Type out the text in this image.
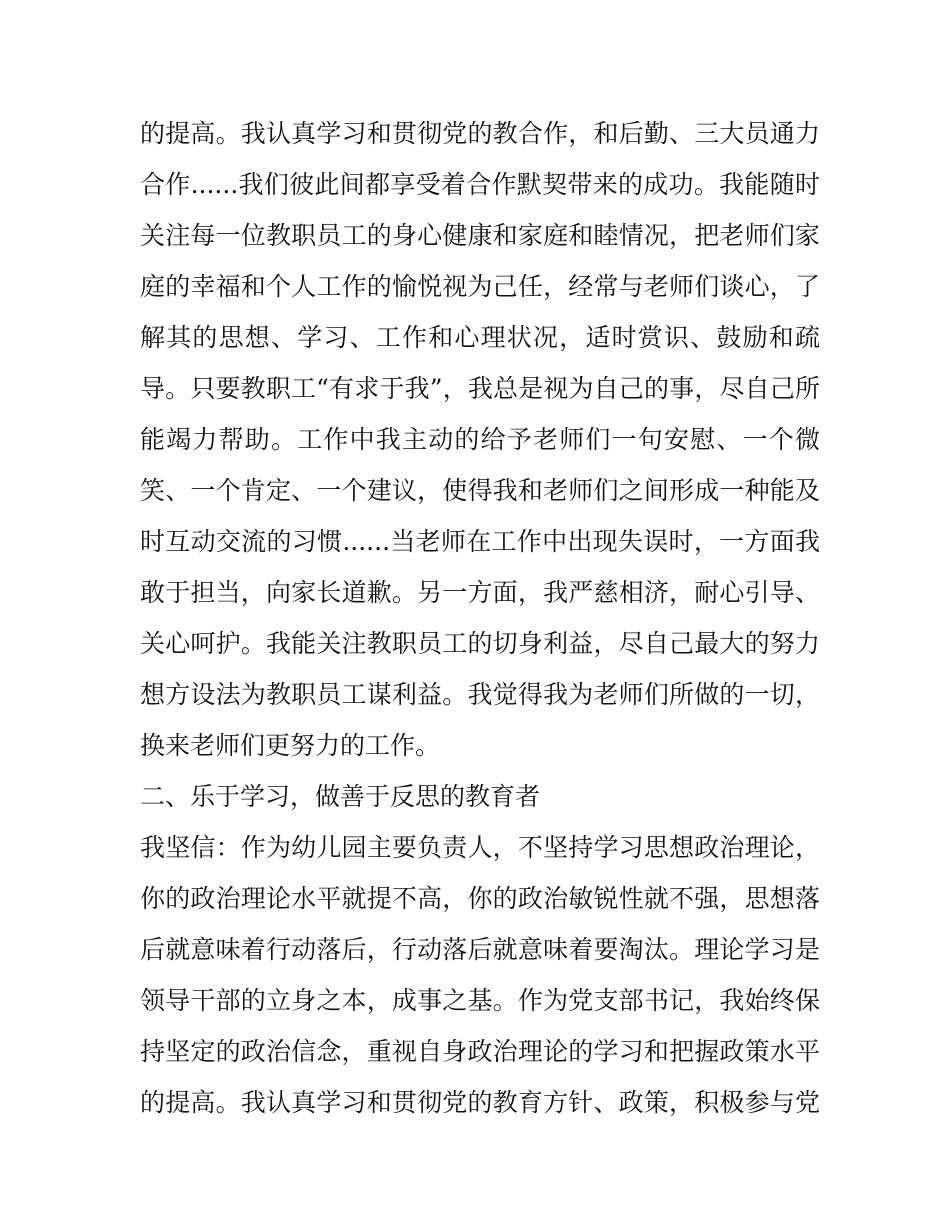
的提高。我认真学习和贯彻党的教合作，和后勤、三大员通力
合作......我们彼此间都享受着合作默契带来的成功。我能随时
关注每一位教职员工的身心健康和家庭和睦情况，把老师们家
庭的幸福和个人工作的愉悦视为己任，经常与老师们谈心，了
解其的思想、学习、工作和心理状况，适时赏识、鼓励和疏
导。只要教职工“有求于我”，我总是视为自己的事，尽自己所
能竭力帮助。工作中我主动的给予老师们一句安慰、一个微
笑、一个肯定、一个建议，使得我和老师们之间形成一种能及
时互动交流的习惯......当老师在工作中出现失误时，一方面我
敢于担当，向家长道歉。另一方面，我严慈相济，耐心引导、
关心呵护。我能关注教职员工的切身利益，尽自己最大的努力
想方设法为教职员工谋利益。我觉得我为老师们所做的一切，
换来老师们更努力的工作。
二、乐于学习，做善于反思的教育者
我坚信：作为幼儿园主要负责人，不坚持学习思想政治理论，
你的政治理论水平就提不高，你的政治敏锐性就不强，思想落
后就意味着行动落后，行动落后就意味着要淘汰。理论学习是
领导干部的立身之本，成事之基。作为党支部书记，我始终保
持坚定的政治信念，重视自身政治理论的学习和把握政策水平
的提高。我认真学习和贯彻党的教育方针、政策，积极参与党
